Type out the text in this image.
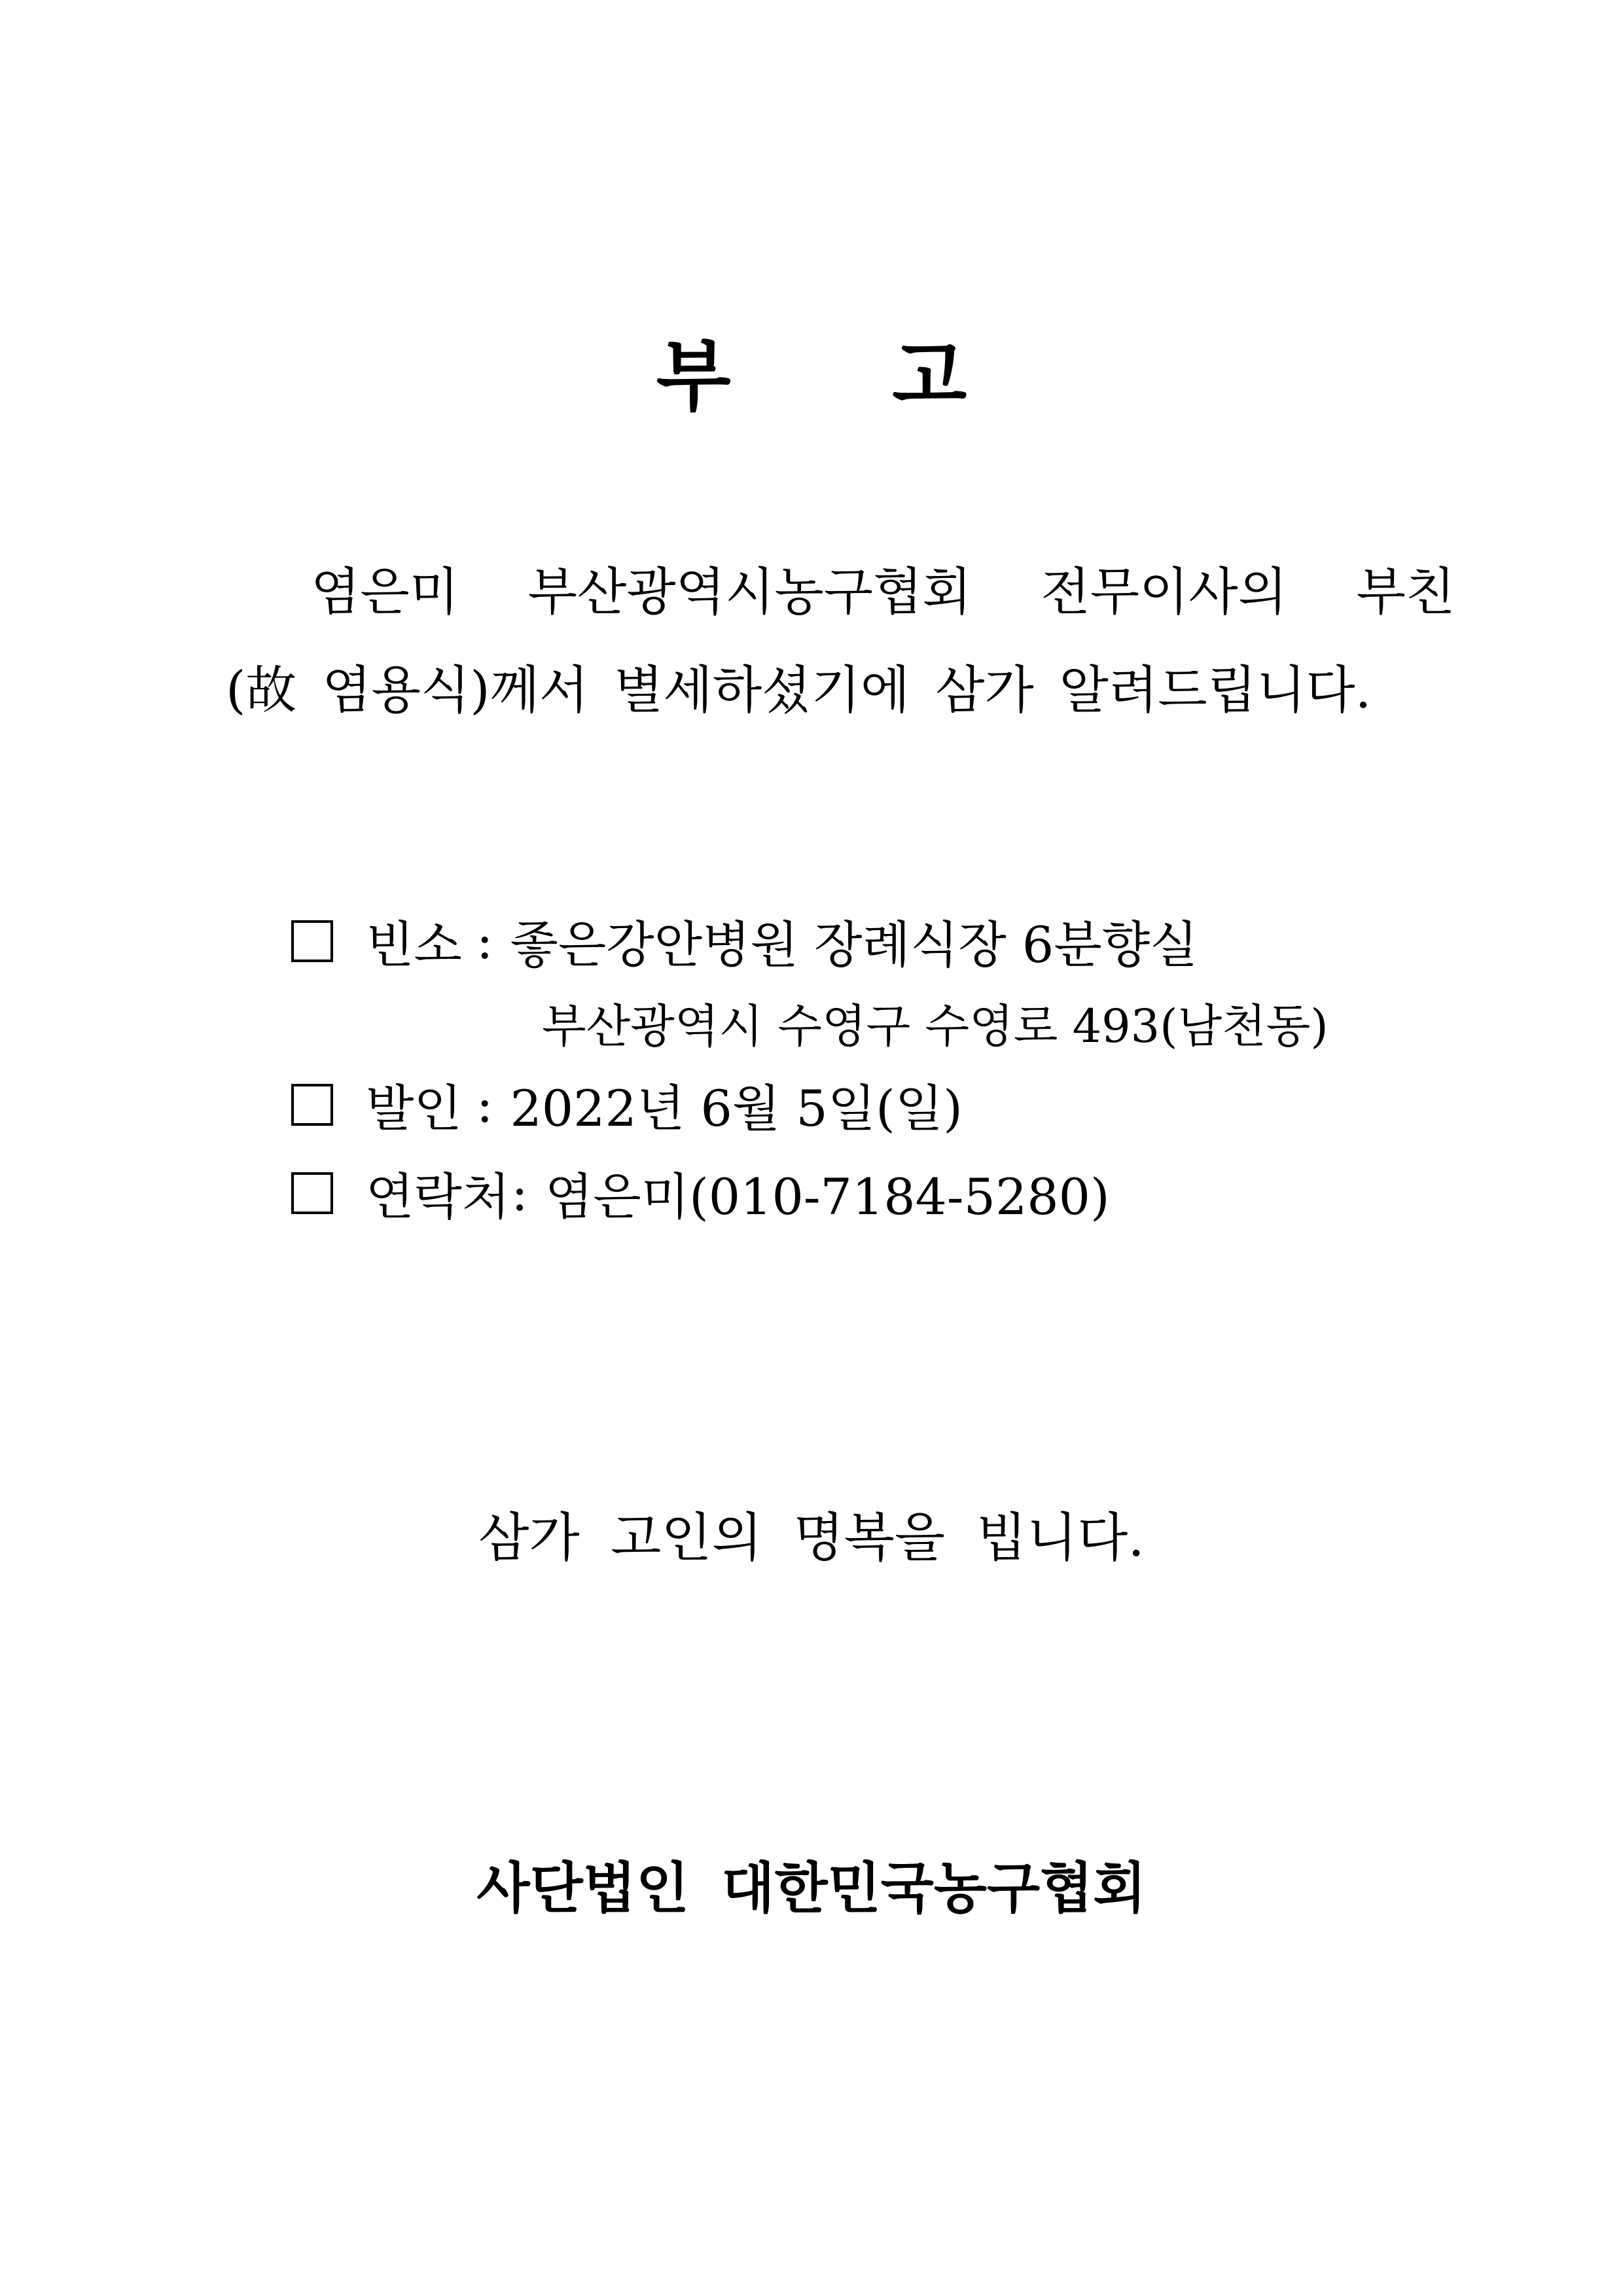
부      고
염은미  부산광역시농구협회  전무이사의  부친
(故 염용식)께서 별세하셨기에 삼가 알려드립니다.
빈소 : 좋은강안병원 장례식장 6분향실
부산광역시 수영구 수영로 493(남천동)
발인 : 2022년 6월 5일(일)
연락처 : 염은미(010-7184-5280)
삼가 고인의 명복을 빕니다.
사단법인 대한민국농구협회
